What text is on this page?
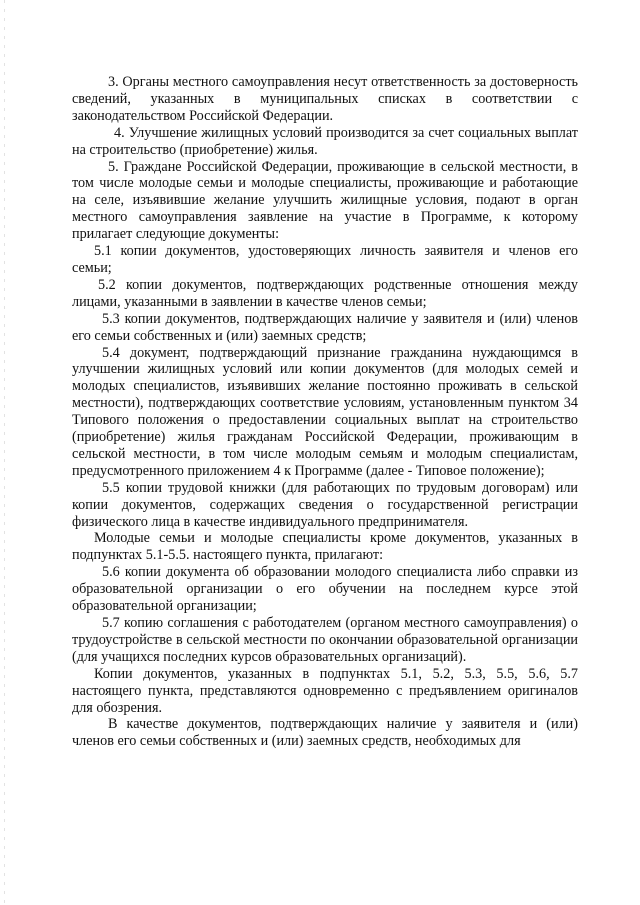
3. Органы местного самоуправления несут ответственность за достоверность сведений, указанных в муниципальных списках в соответствии с законодательством Российской Федерации.

4. Улучшение жилищных условий производится за счет социальных выплат на строительство (приобретение) жилья.

5. Граждане Российской Федерации, проживающие в сельской местности, в том числе молодые семьи и молодые специалисты, проживающие и работающие на селе, изъявившие желание улучшить жилищные условия, подают в орган местного самоуправления заявление на участие в Программе, к которому прилагает следующие документы:

5.1 копии документов, удостоверяющих личность заявителя и членов его семьи;

5.2 копии документов, подтверждающих родственные отношения между лицами, указанными в заявлении в качестве членов семьи;

5.3 копии документов, подтверждающих наличие у заявителя и (или) членов его семьи собственных и (или) заемных средств;

5.4 документ, подтверждающий признание гражданина нуждающимся в улучшении жилищных условий или копии документов (для молодых семей и молодых специалистов, изъявивших желание постоянно проживать в сельской местности), подтверждающих соответствие условиям, установленным пунктом 34 Типового положения о предоставлении социальных выплат на строительство (приобретение) жилья гражданам Российской Федерации, проживающим в сельской местности, в том числе молодым семьям и молодым специалистам, предусмотренного приложением 4 к Программе (далее - Типовое положение);

5.5 копии трудовой книжки (для работающих по трудовым договорам) или копии документов, содержащих сведения о государственной регистрации физического лица в качестве индивидуального предпринимателя.

Молодые семьи и молодые специалисты кроме документов, указанных в подпунктах 5.1-5.5. настоящего пункта, прилагают:

5.6 копии документа об образовании молодого специалиста либо справки из образовательной организации о его обучении на последнем курсе этой образовательной организации;

5.7 копию соглашения с работодателем (органом местного самоуправления) о трудоустройстве в сельской местности по окончании образовательной организации (для учащихся последних курсов образовательных организаций).

Копии документов, указанных в подпунктах 5.1, 5.2, 5.3, 5.5, 5.6, 5.7 настоящего пункта, представляются одновременно с предъявлением оригиналов для обозрения.

В качестве документов, подтверждающих наличие у заявителя и (или) членов его семьи собственных и (или) заемных средств, необходимых для
